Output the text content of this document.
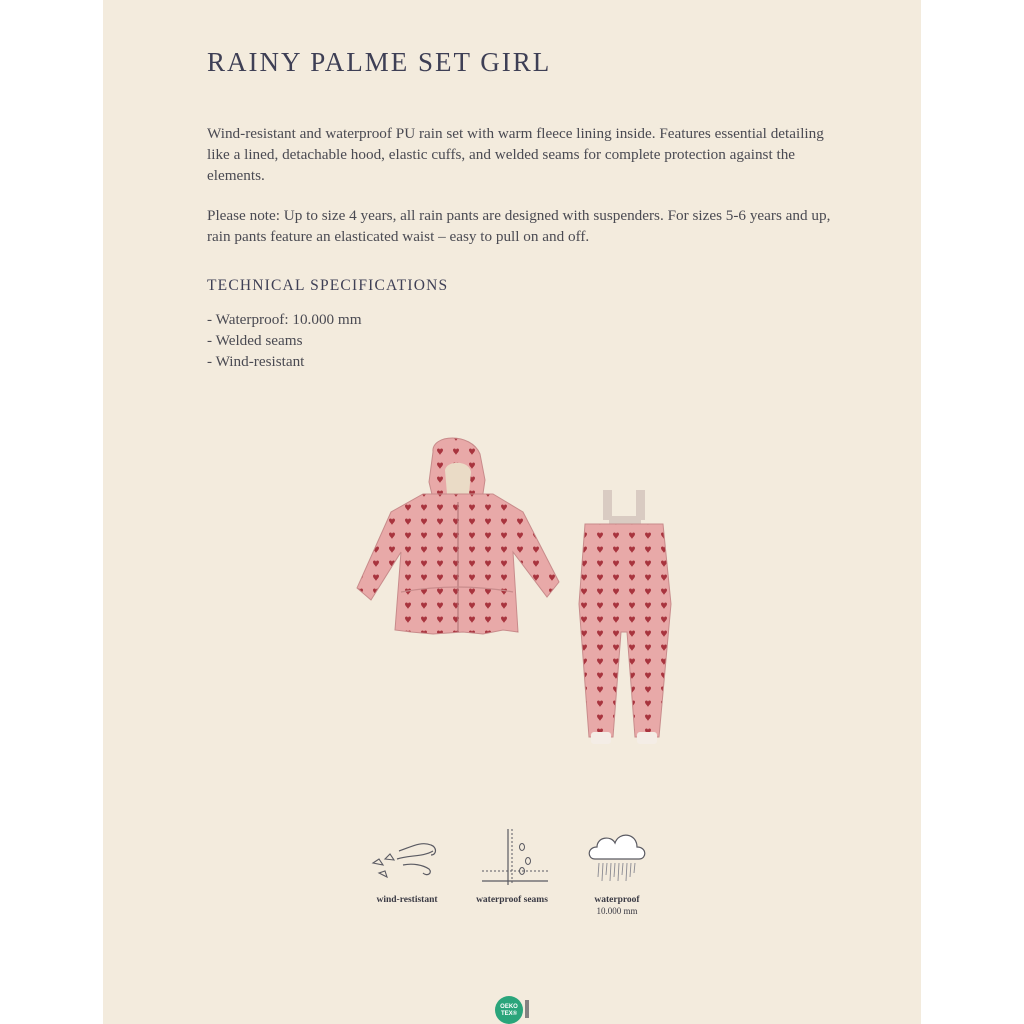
RAINY PALME SET GIRL

Wind-resistant and waterproof PU rain set with warm fleece lining inside. Features essential detailing like a lined, detachable hood, elastic cuffs, and welded seams for complete protection against the elements.

Please note: Up to size 4 years, all rain pants are designed with suspenders. For sizes 5-6 years and up, rain pants feature an elasticated waist – easy to pull on and off.

TECHNICAL SPECIFICATIONS
- Waterproof: 10.000 mm
- Welded seams
- Wind-resistant
wind-restistant	waterproof seams	waterproof
10.000 mm
OEKO
TEX®
